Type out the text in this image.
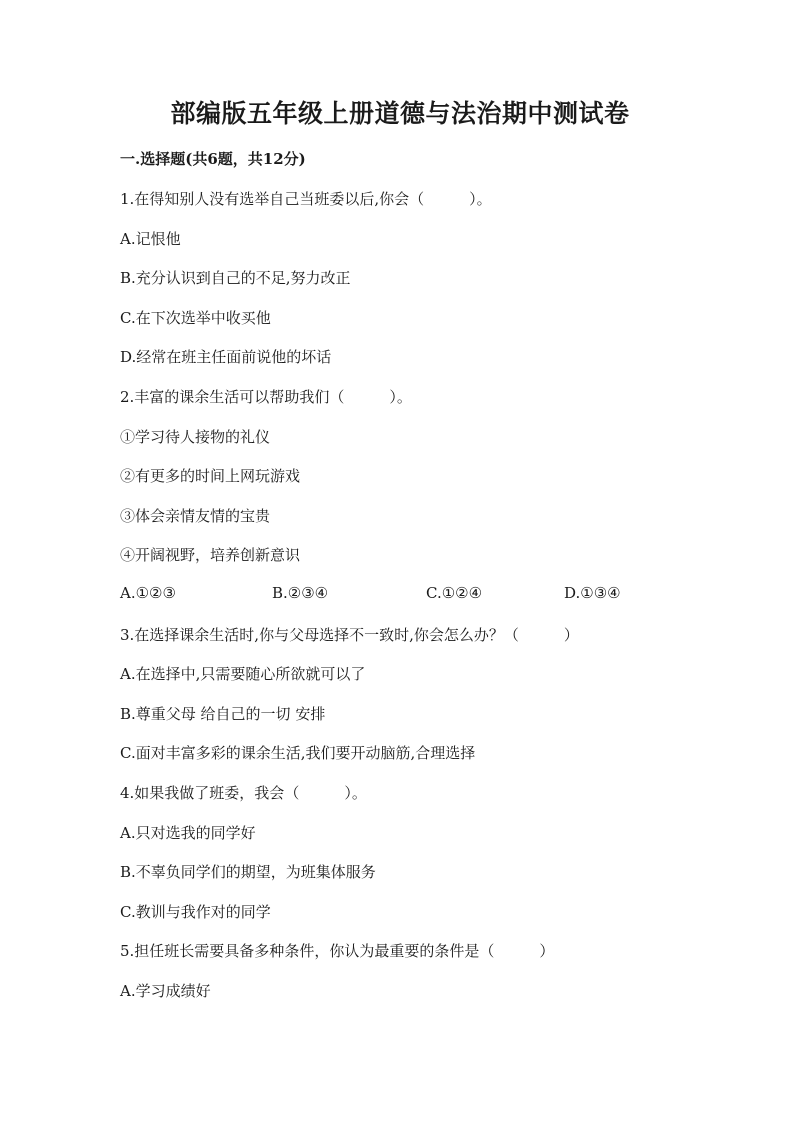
部编版五年级上册道德与法治期中测试卷
一.选择题(共6题，共12分)
1.在得知别人没有选举自己当班委以后,你会（　　　）。
A.记恨他
B.充分认识到自己的不足,努力改正
C.在下次选举中收买他
D.经常在班主任面前说他的坏话
2.丰富的课余生活可以帮助我们（　　　）。
①学习待人接物的礼仪
②有更多的时间上网玩游戏
③体会亲情友情的宝贵
④开阔视野，培养创新意识
A.①②③	B.②③④	C.①②④	D.①③④
3.在选择课余生活时,你与父母选择不一致时,你会怎么办？（　　　）
A.在选择中,只需要随心所欲就可以了
B.尊重父母 给自己的一切 安排
C.面对丰富多彩的课余生活,我们要开动脑筋,合理选择
4.如果我做了班委，我会（　　　）。
A.只对选我的同学好
B.不辜负同学们的期望，为班集体服务
C.教训与我作对的同学
5.担任班长需要具备多种条件，你认为最重要的条件是（　　　）
A.学习成绩好
